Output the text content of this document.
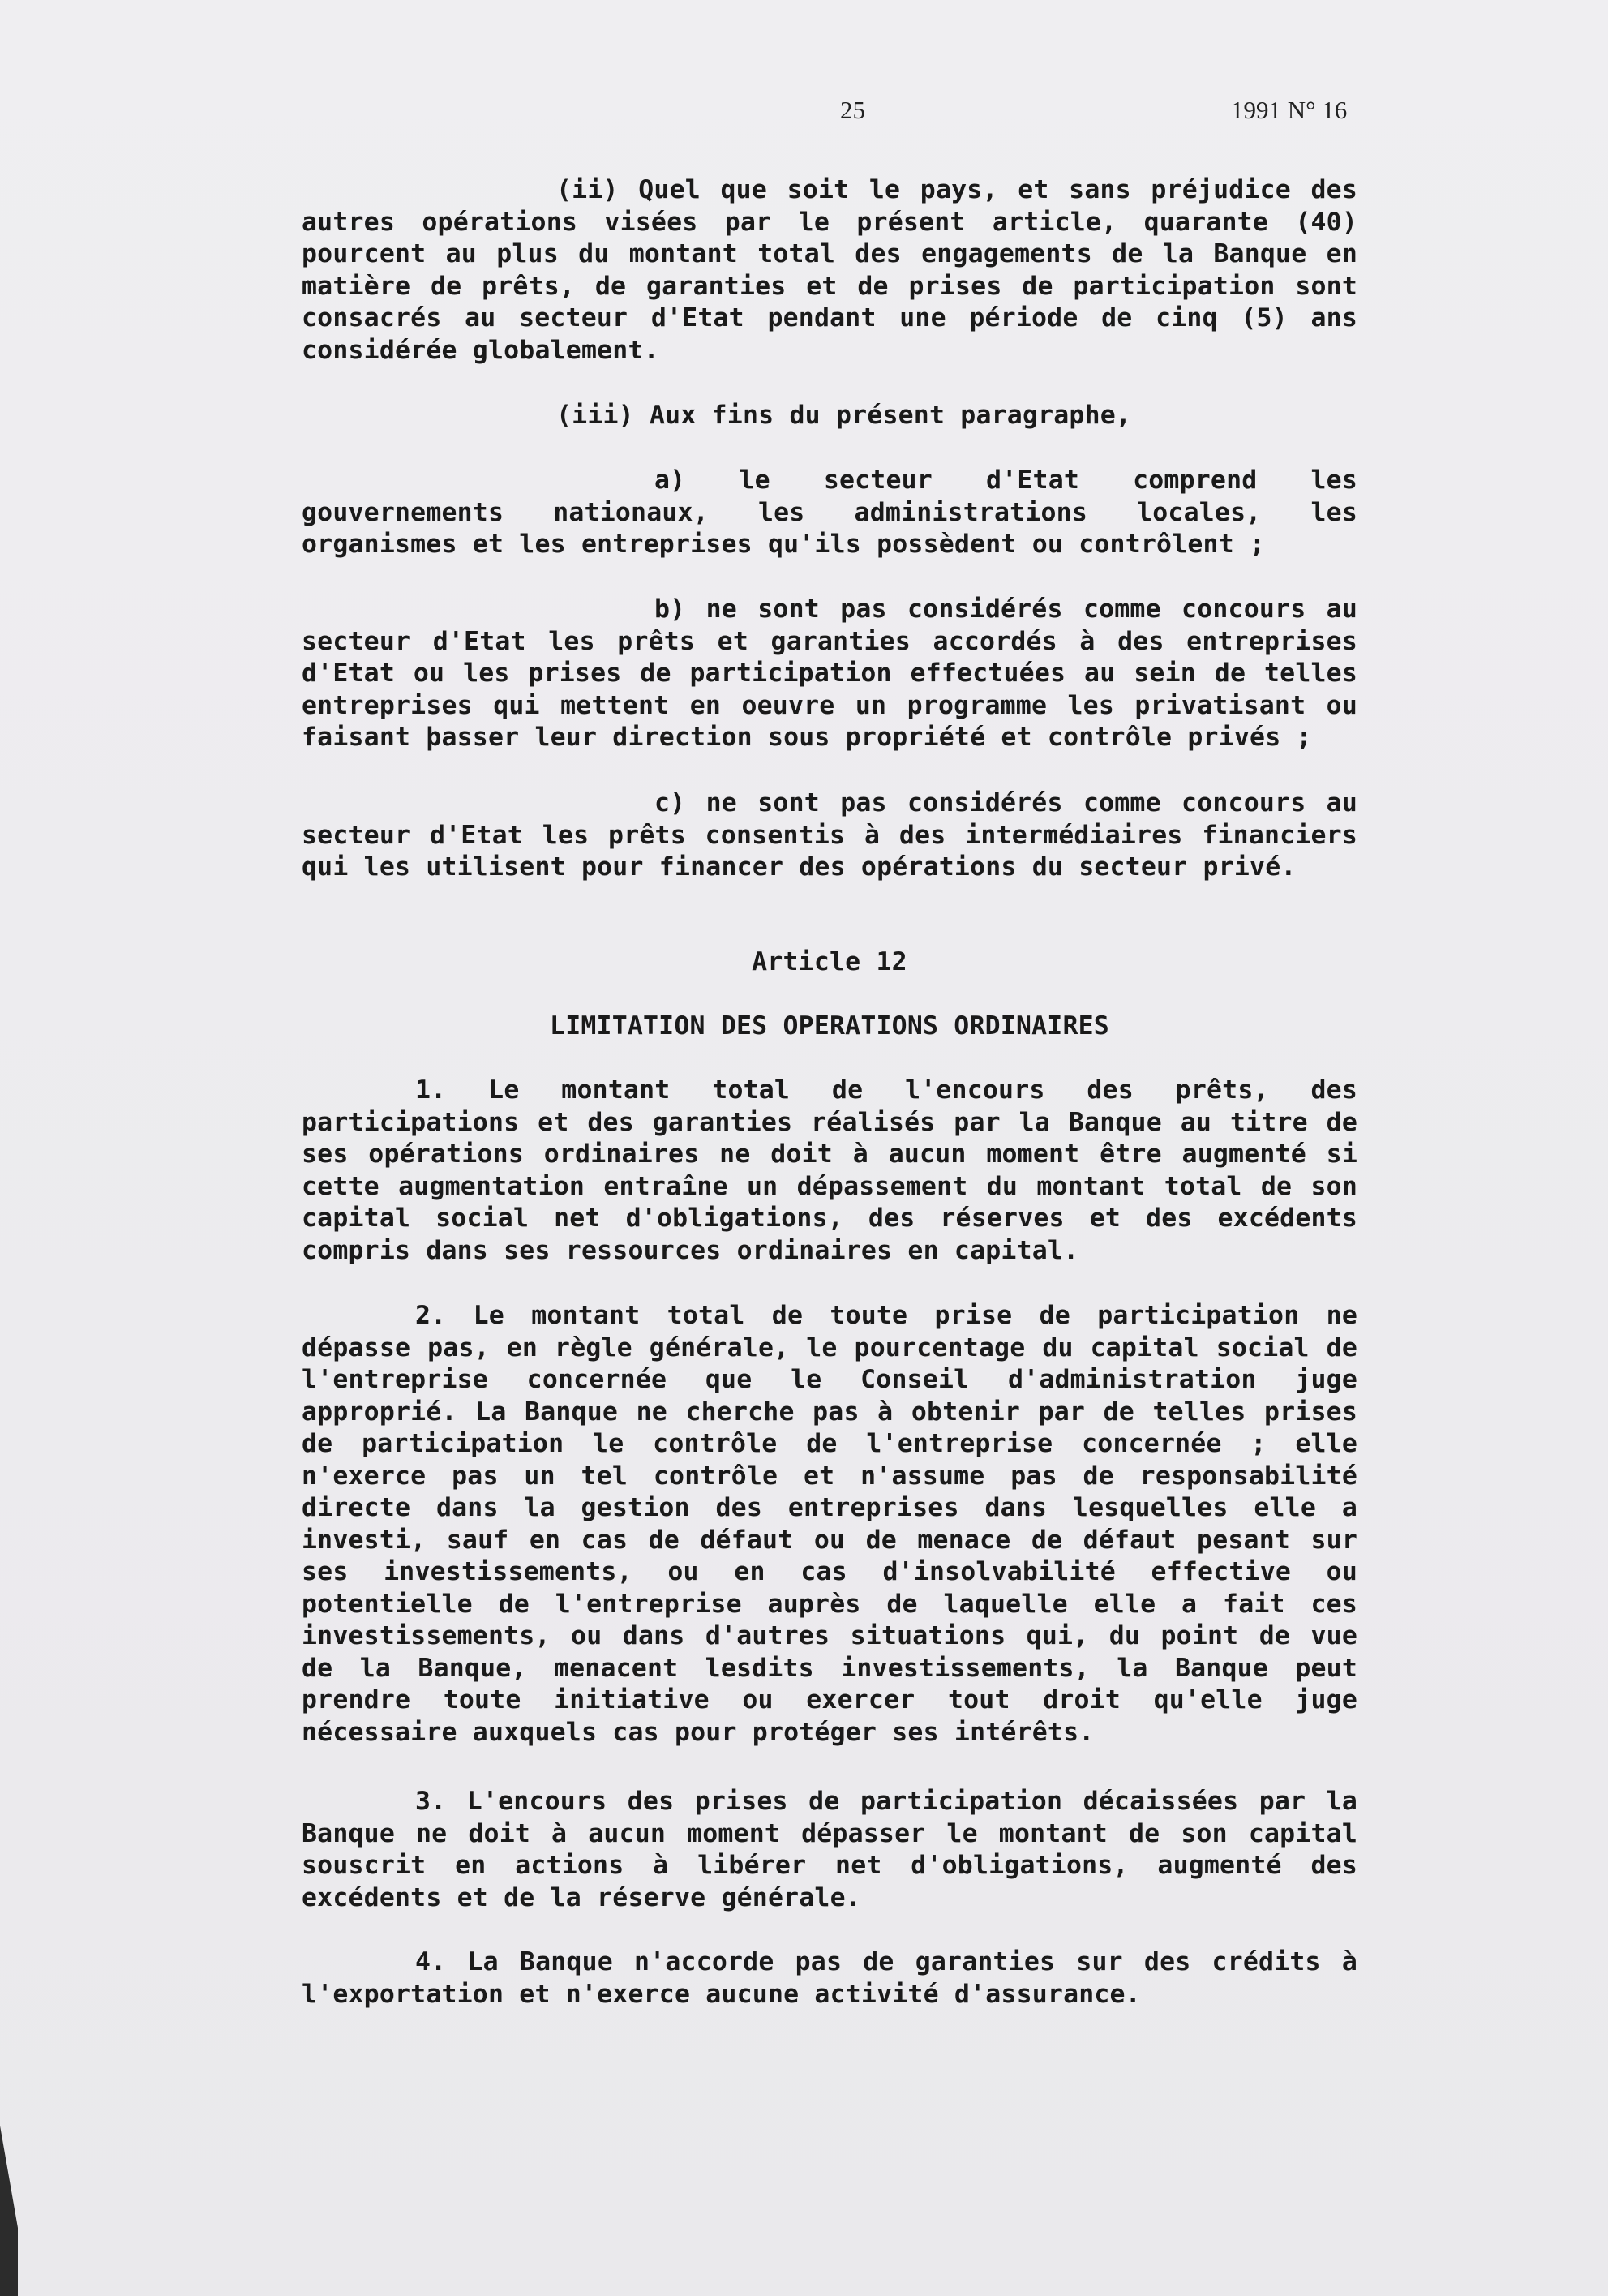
25	1991 N° 16

(ii) Quel que soit le pays, et sans préjudice des autres opérations visées par le présent article, quarante (40) pourcent au plus du montant total des engagements de la Banque en matière de prêts, de garanties et de prises de participation sont consacrés au secteur d'Etat pendant une période de cinq (5) ans considérée globalement.

(iii) Aux fins du présent paragraphe,

a) le secteur d'Etat comprend les gouvernements nationaux, les administrations locales, les organismes et les entreprises qu'ils possèdent ou contrôlent ;

b) ne sont pas considérés comme concours au secteur d'Etat les prêts et garanties accordés à des entreprises d'Etat ou les prises de participation effectuées au sein de telles entreprises qui mettent en oeuvre un programme les privatisant ou faisant þasser leur direction sous propriété et contrôle privés ;

c) ne sont pas considérés comme concours au secteur d'Etat les prêts consentis à des intermédiaires financiers qui les utilisent pour financer des opérations du secteur privé.

Article 12

LIMITATION DES OPERATIONS ORDINAIRES

1. Le montant total de l'encours des prêts, des participations et des garanties réalisés par la Banque au titre de ses opérations ordinaires ne doit à aucun moment être augmenté si cette augmentation entraîne un dépassement du montant total de son capital social net d'obligations, des réserves et des excédents compris dans ses ressources ordinaires en capital.

2. Le montant total de toute prise de participation ne dépasse pas, en règle générale, le pourcentage du capital social de l'entreprise concernée que le Conseil d'administration juge approprié. La Banque ne cherche pas à obtenir par de telles prises de participation le contrôle de l'entreprise concernée ; elle n'exerce pas un tel contrôle et n'assume pas de responsabilité directe dans la gestion des entreprises dans lesquelles elle a investi, sauf en cas de défaut ou de menace de défaut pesant sur ses investissements, ou en cas d'insolvabilité effective ou potentielle de l'entreprise auprès de laquelle elle a fait ces investissements, ou dans d'autres situations qui, du point de vue de la Banque, menacent lesdits investissements, la Banque peut prendre toute initiative ou exercer tout droit qu'elle juge nécessaire auxquels cas pour protéger ses intérêts.

3. L'encours des prises de participation décaissées par la Banque ne doit à aucun moment dépasser le montant de son capital souscrit en actions à libérer net d'obligations, augmenté des excédents et de la réserve générale.

4. La Banque n'accorde pas de garanties sur des crédits à l'exportation et n'exerce aucune activité d'assurance.
